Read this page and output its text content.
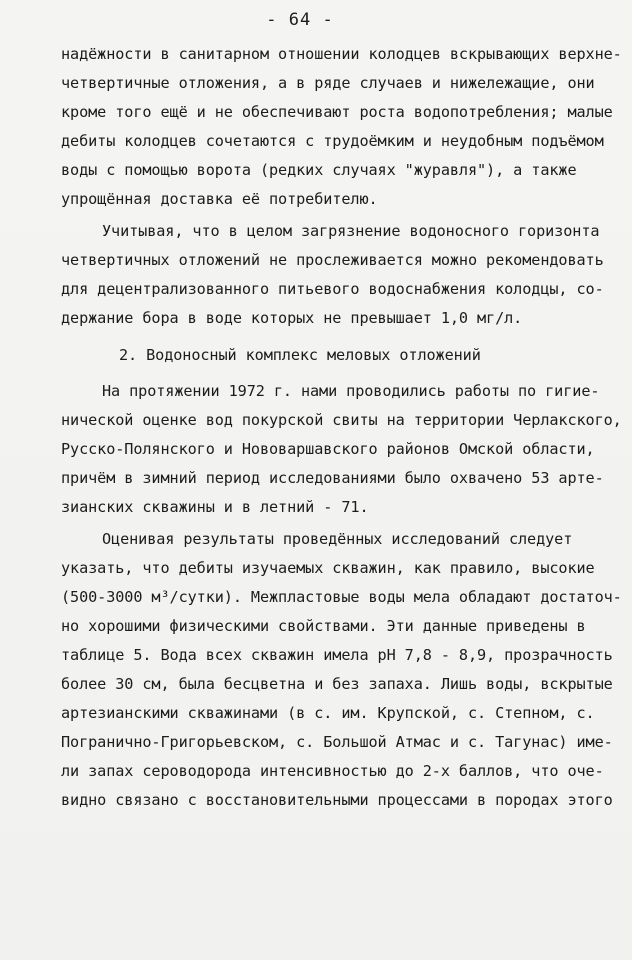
- 64 -
надёжности в санитарном отношении колодцев вскрывающих верхне-
четвертичные отложения, а в ряде случаев и нижележащие, они
кроме того ещё и не обеспечивают роста водопотребления; малые
дебиты колодцев сочетаются с трудоёмким и неудобным подъёмом
воды с помощью ворота (редких случаях "журавля"), а также
упрощённая доставка её потребителю.
Учитывая, что в целом загрязнение водоносного горизонта
четвертичных отложений не прослеживается можно рекомендовать
для децентрализованного питьевого водоснабжения колодцы, со-
держание бора в воде которых не превышает 1,0 мг/л.
2. Водоносный комплекс меловых отложений
На протяжении 1972 г. нами проводились работы по гигие-
нической оценке вод покурской свиты на территории Черлакского,
Русско-Полянского и Нововаршавского районов Омской области,
причём в зимний период исследованиями было охвачено 53 арте-
зианских скважины и в летний - 71.
Оценивая результаты проведённых исследований следует
указать, что дебиты изучаемых скважин, как правило, высокие
(500-3000 м³/сутки). Межпластовые воды мела обладают достаточ-
но хорошими физическими свойствами. Эти данные приведены в
таблице 5. Вода всех скважин имела pH 7,8 - 8,9, прозрачность
более 30 см, была бесцветна и без запаха. Лишь воды, вскрытые
артезианскими скважинами (в с. им. Крупской, с. Степном, с.
Погранично-Григорьевском, с. Большой Атмас и с. Тагунас) име-
ли запах сероводорода интенсивностью до 2-х баллов, что оче-
видно связано с восстановительными процессами в породах этого
